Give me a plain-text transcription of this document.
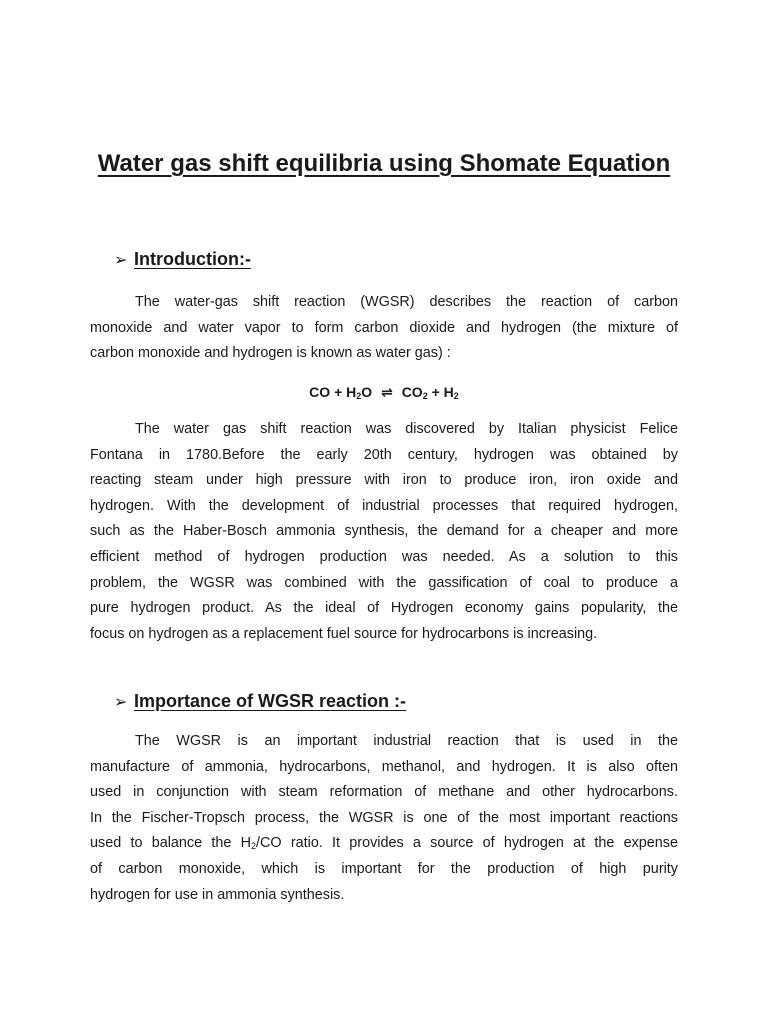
Water gas shift equilibria using Shomate Equation
➢ Introduction:-

The water-gas shift reaction (WGSR) describes the reaction of carbon
monoxide and water vapor to form carbon dioxide and hydrogen (the mixture of
carbon monoxide and hydrogen is known as water gas) :

CO + $H_2O$ ⇌ $CO_2 + H_2$

The water gas shift reaction was discovered by Italian physicist Felice
Fontana in 1780.Before the early 20th century, hydrogen was obtained by
reacting steam under high pressure with iron to produce iron, iron oxide and
hydrogen. With the development of industrial processes that required hydrogen,
such as the Haber-Bosch ammonia synthesis, the demand for a cheaper and more
efficient method of hydrogen production was needed. As a solution to this
problem, the WGSR was combined with the gassification of coal to produce a
pure hydrogen product. As the ideal of Hydrogen economy gains popularity, the
focus on hydrogen as a replacement fuel source for hydrocarbons is increasing.

➢ Importance of WGSR reaction :-

The WGSR is an important industrial reaction that is used in the
manufacture of ammonia, hydrocarbons, methanol, and hydrogen. It is also often
used in conjunction with steam reformation of methane and other hydrocarbons.
In the Fischer-Tropsch process, the WGSR is one of the most important reactions
used to balance the $H_2/CO$ ratio. It provides a source of hydrogen at the expense
of carbon monoxide, which is important for the production of high purity
hydrogen for use in ammonia synthesis.
